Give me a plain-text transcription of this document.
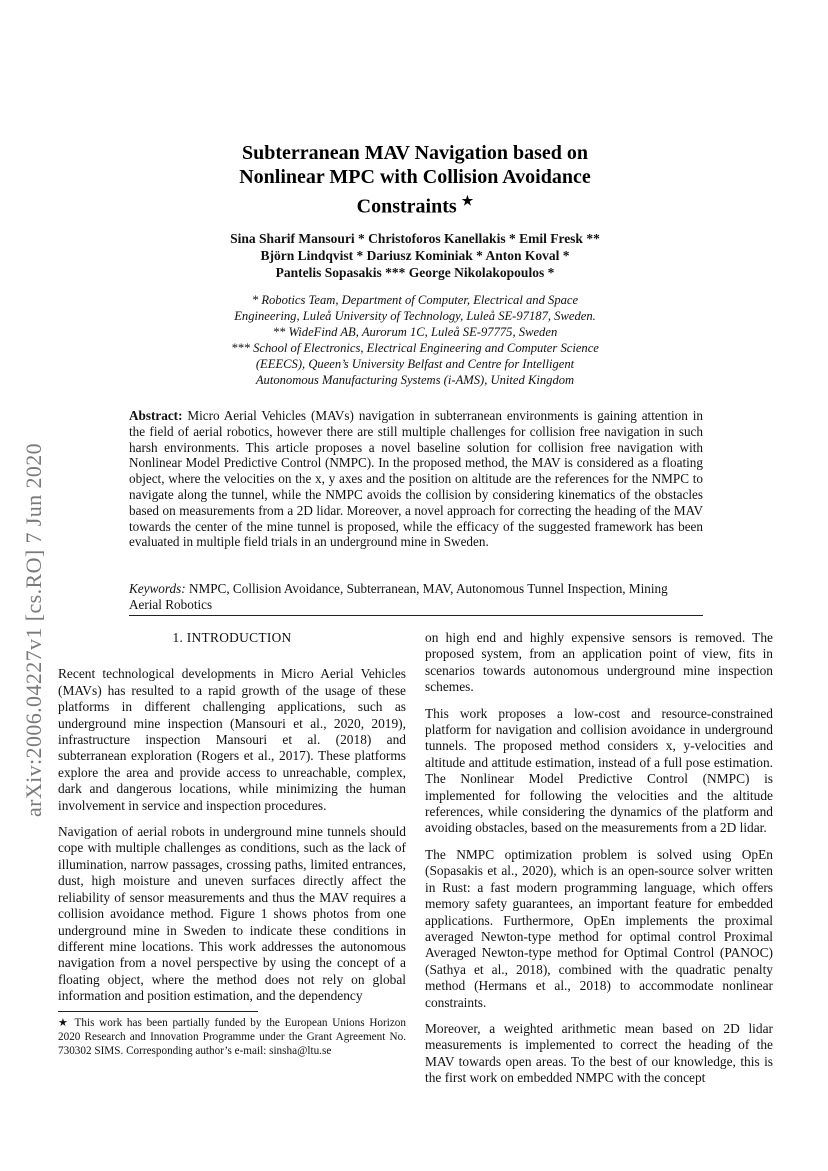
arXiv:2006.04227v1 [cs.RO] 7 Jun 2020
Subterranean MAV Navigation based on
Nonlinear MPC with Collision Avoidance
Constraints ★
Sina Sharif Mansouri * Christoforos Kanellakis * Emil Fresk **
Björn Lindqvist * Dariusz Kominiak * Anton Koval *
Pantelis Sopasakis *** George Nikolakopoulos *
* Robotics Team, Department of Computer, Electrical and Space
Engineering, Luleå University of Technology, Luleå SE-97187, Sweden.
** WideFind AB, Aurorum 1C, Luleå SE-97775, Sweden
*** School of Electronics, Electrical Engineering and Computer Science
(EEECS), Queen’s University Belfast and Centre for Intelligent
Autonomous Manufacturing Systems (i-AMS), United Kingdom
Abstract: Micro Aerial Vehicles (MAVs) navigation in subterranean environments is gaining attention in the field of aerial robotics, however there are still multiple challenges for collision free navigation in such harsh environments. This article proposes a novel baseline solution for collision free navigation with Nonlinear Model Predictive Control (NMPC). In the proposed method, the MAV is considered as a floating object, where the velocities on the x, y axes and the position on altitude are the references for the NMPC to navigate along the tunnel, while the NMPC avoids the collision by considering kinematics of the obstacles based on measurements from a 2D lidar. Moreover, a novel approach for correcting the heading of the MAV towards the center of the mine tunnel is proposed, while the efficacy of the suggested framework has been evaluated in multiple field trials in an underground mine in Sweden.
Keywords: NMPC, Collision Avoidance, Subterranean, MAV, Autonomous Tunnel Inspection, Mining Aerial Robotics
1. INTRODUCTION

Recent technological developments in Micro Aerial Vehicles (MAVs) has resulted to a rapid growth of the usage of these platforms in different challenging applications, such as underground mine inspection (Mansouri et al., 2020, 2019), infrastructure inspection Mansouri et al. (2018) and subterranean exploration (Rogers et al., 2017). These platforms explore the area and provide access to unreachable, complex, dark and dangerous locations, while minimizing the human involvement in service and inspection procedures.

Navigation of aerial robots in underground mine tunnels should cope with multiple challenges as conditions, such as the lack of illumination, narrow passages, crossing paths, limited entrances, dust, high moisture and uneven surfaces directly affect the reliability of sensor measurements and thus the MAV requires a collision avoidance method. Figure 1 shows photos from one underground mine in Sweden to indicate these conditions in different mine locations. This work addresses the autonomous navigation from a novel perspective by using the concept of a floating object, where the method does not rely on global information and position estimation, and the dependency

on high end and highly expensive sensors is removed. The proposed system, from an application point of view, fits in scenarios towards autonomous underground mine inspection schemes.

This work proposes a low-cost and resource-constrained platform for navigation and collision avoidance in underground tunnels. The proposed method considers x, y-velocities and altitude and attitude estimation, instead of a full pose estimation. The Nonlinear Model Predictive Control (NMPC) is implemented for following the velocities and the altitude references, while considering the dynamics of the platform and avoiding obstacles, based on the measurements from a 2D lidar.

The NMPC optimization problem is solved using OpEn (Sopasakis et al., 2020), which is an open-source solver written in Rust: a fast modern programming language, which offers memory safety guarantees, an important feature for embedded applications. Furthermore, OpEn implements the proximal averaged Newton-type method for optimal control Proximal Averaged Newton-type method for Optimal Control (PANOC) (Sathya et al., 2018), combined with the quadratic penalty method (Hermans et al., 2018) to accommodate nonlinear constraints.

Moreover, a weighted arithmetic mean based on 2D lidar measurements is implemented to correct the heading of the MAV towards open areas. To the best of our knowledge, this is the first work on embedded NMPC with the concept

★ This work has been partially funded by the European Unions Horizon 2020 Research and Innovation Programme under the Grant Agreement No. 730302 SIMS. Corresponding author’s e-mail: sinsha@ltu.se
